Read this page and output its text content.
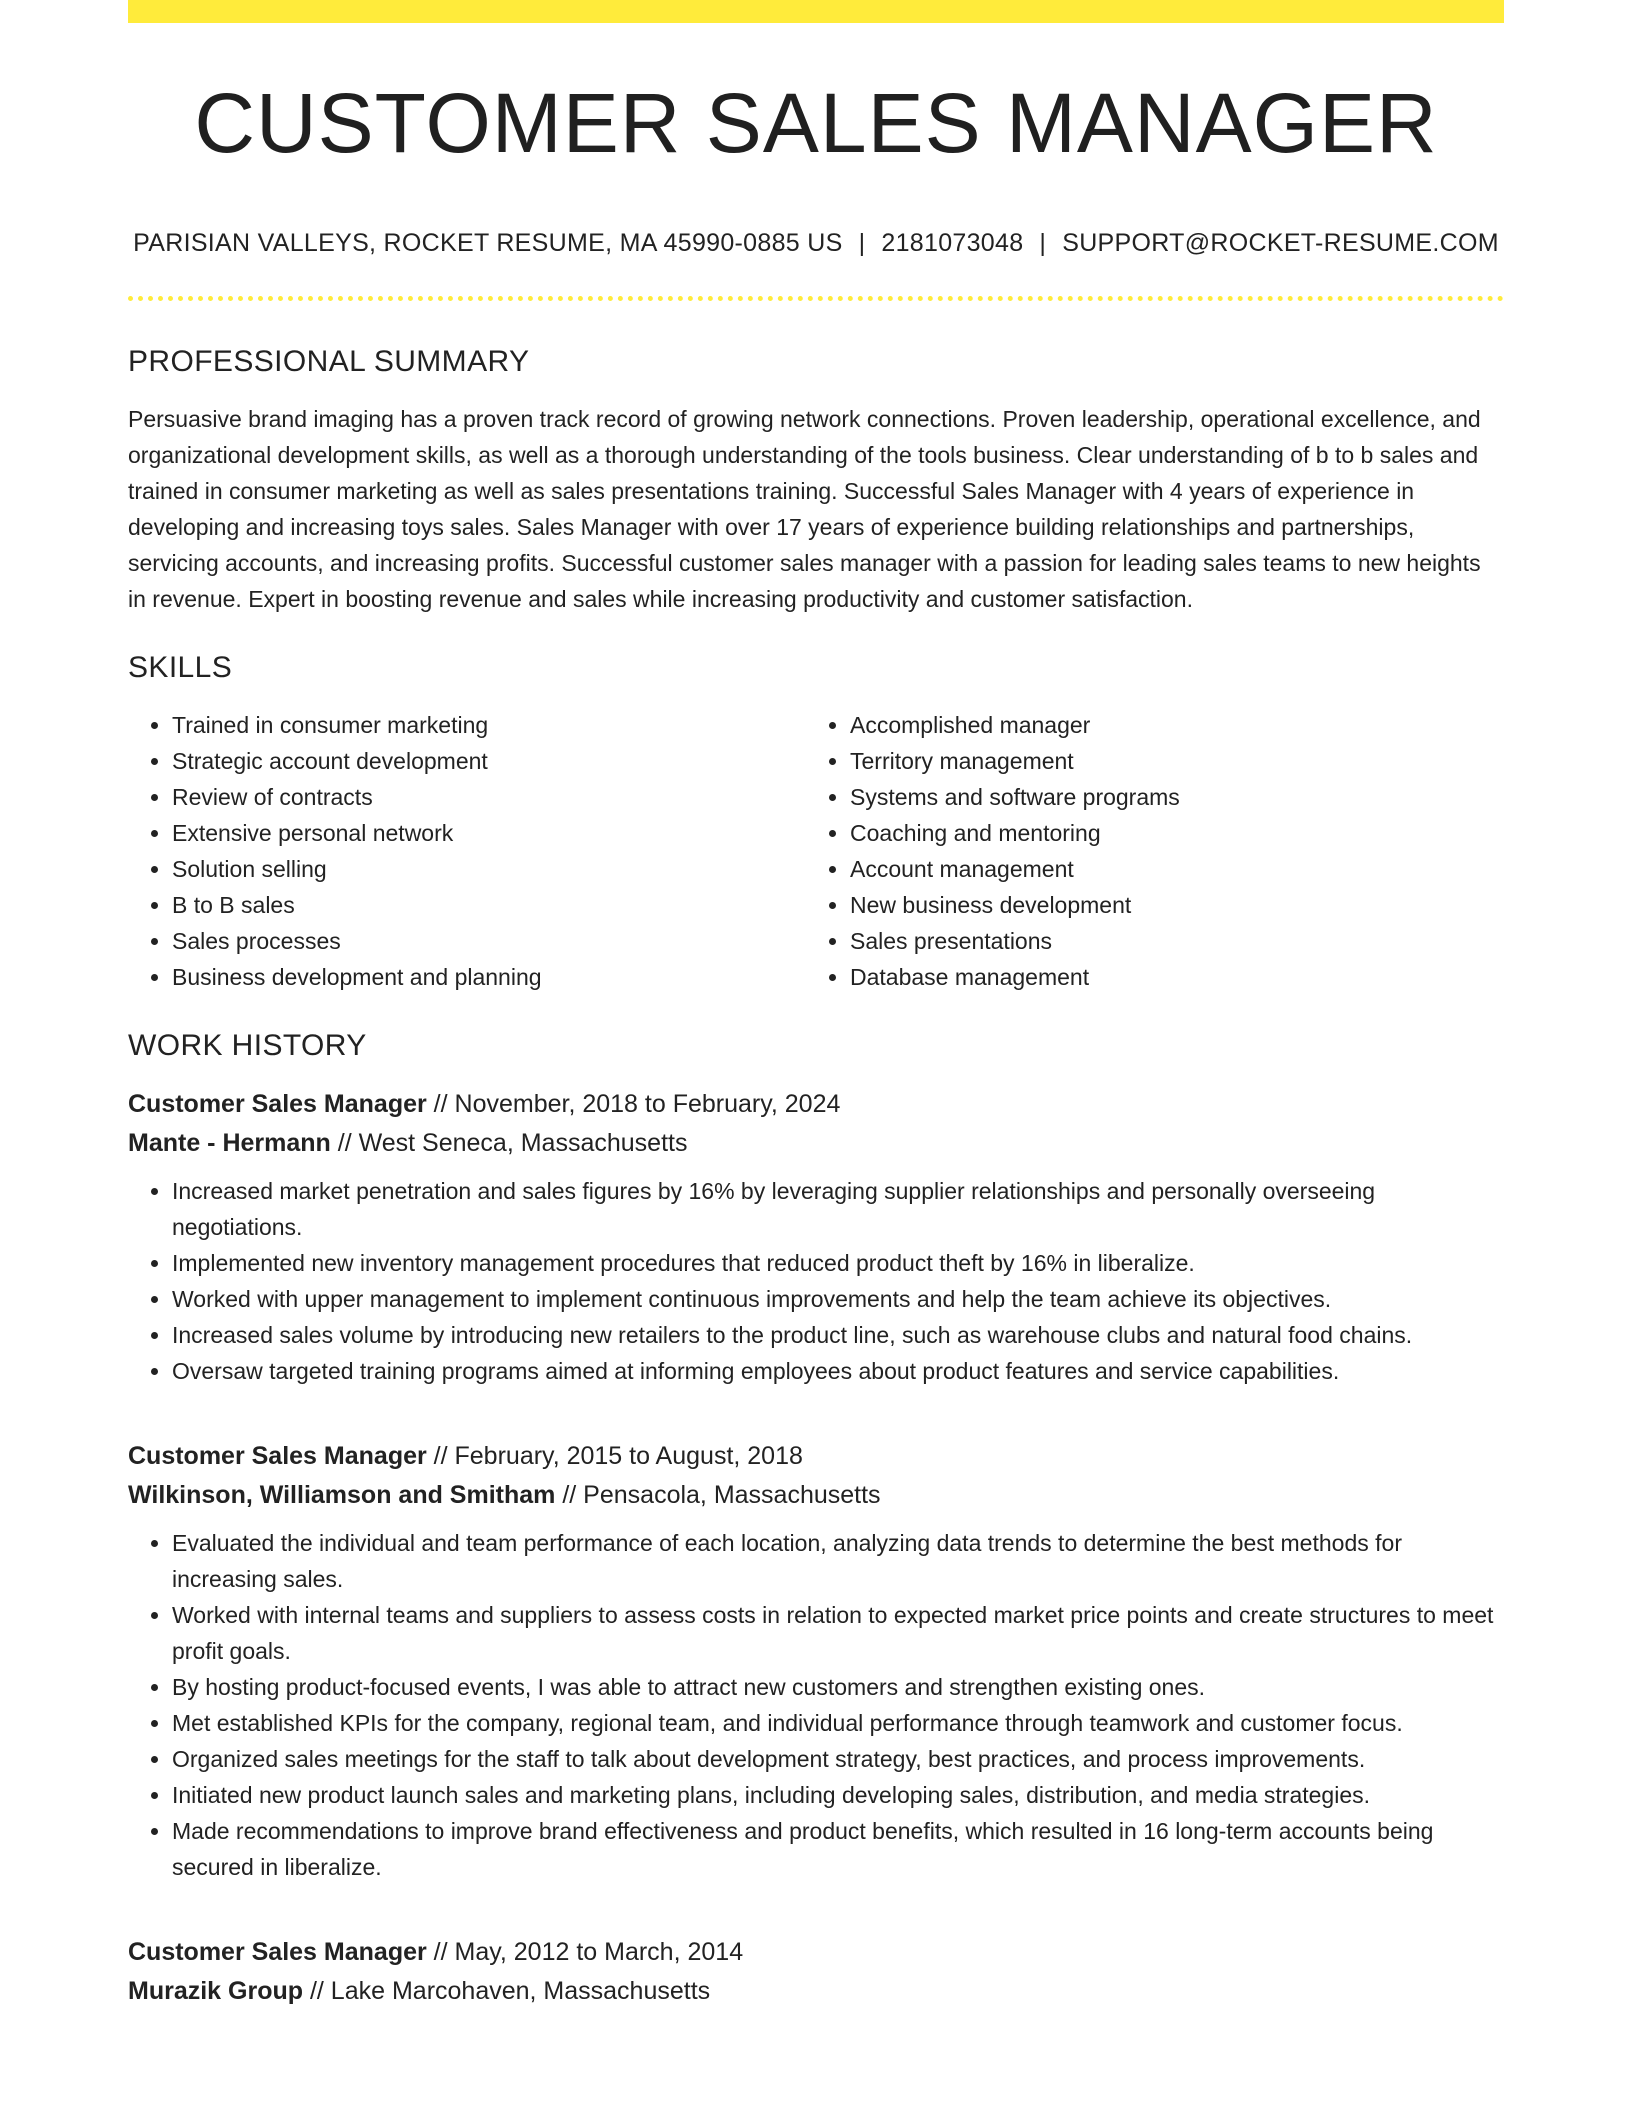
CUSTOMER SALES MANAGER
PARISIAN VALLEYS, ROCKET RESUME, MA 45990-0885 US | 2181073048 | SUPPORT@ROCKET-RESUME.COM
PROFESSIONAL SUMMARY

Persuasive brand imaging has a proven track record of growing network connections. Proven leadership, operational excellence, and organizational development skills, as well as a thorough understanding of the tools business. Clear understanding of b to b sales and trained in consumer marketing as well as sales presentations training. Successful Sales Manager with 4 years of experience in developing and increasing toys sales. Sales Manager with over 17 years of experience building relationships and partnerships, servicing accounts, and increasing profits. Successful customer sales manager with a passion for leading sales teams to new heights in revenue. Expert in boosting revenue and sales while increasing productivity and customer satisfaction.

SKILLS
• Trained in consumer marketing
• Strategic account development
• Review of contracts
• Extensive personal network
• Solution selling
• B to B sales
• Sales processes
• Business development and planning
• Accomplished manager
• Territory management
• Systems and software programs
• Coaching and mentoring
• Account management
• New business development
• Sales presentations
• Database management
WORK HISTORY
Customer Sales Manager // November, 2018 to February, 2024
Mante - Hermann // West Seneca, Massachusetts
• Increased market penetration and sales figures by 16% by leveraging supplier relationships and personally overseeing negotiations.
• Implemented new inventory management procedures that reduced product theft by 16% in liberalize.
• Worked with upper management to implement continuous improvements and help the team achieve its objectives.
• Increased sales volume by introducing new retailers to the product line, such as warehouse clubs and natural food chains.
• Oversaw targeted training programs aimed at informing employees about product features and service capabilities.
Customer Sales Manager // February, 2015 to August, 2018
Wilkinson, Williamson and Smitham // Pensacola, Massachusetts
• Evaluated the individual and team performance of each location, analyzing data trends to determine the best methods for increasing sales.
• Worked with internal teams and suppliers to assess costs in relation to expected market price points and create structures to meet profit goals.
• By hosting product-focused events, I was able to attract new customers and strengthen existing ones.
• Met established KPIs for the company, regional team, and individual performance through teamwork and customer focus.
• Organized sales meetings for the staff to talk about development strategy, best practices, and process improvements.
• Initiated new product launch sales and marketing plans, including developing sales, distribution, and media strategies.
• Made recommendations to improve brand effectiveness and product benefits, which resulted in 16 long-term accounts being secured in liberalize.
Customer Sales Manager // May, 2012 to March, 2014
Murazik Group // Lake Marcohaven, Massachusetts
